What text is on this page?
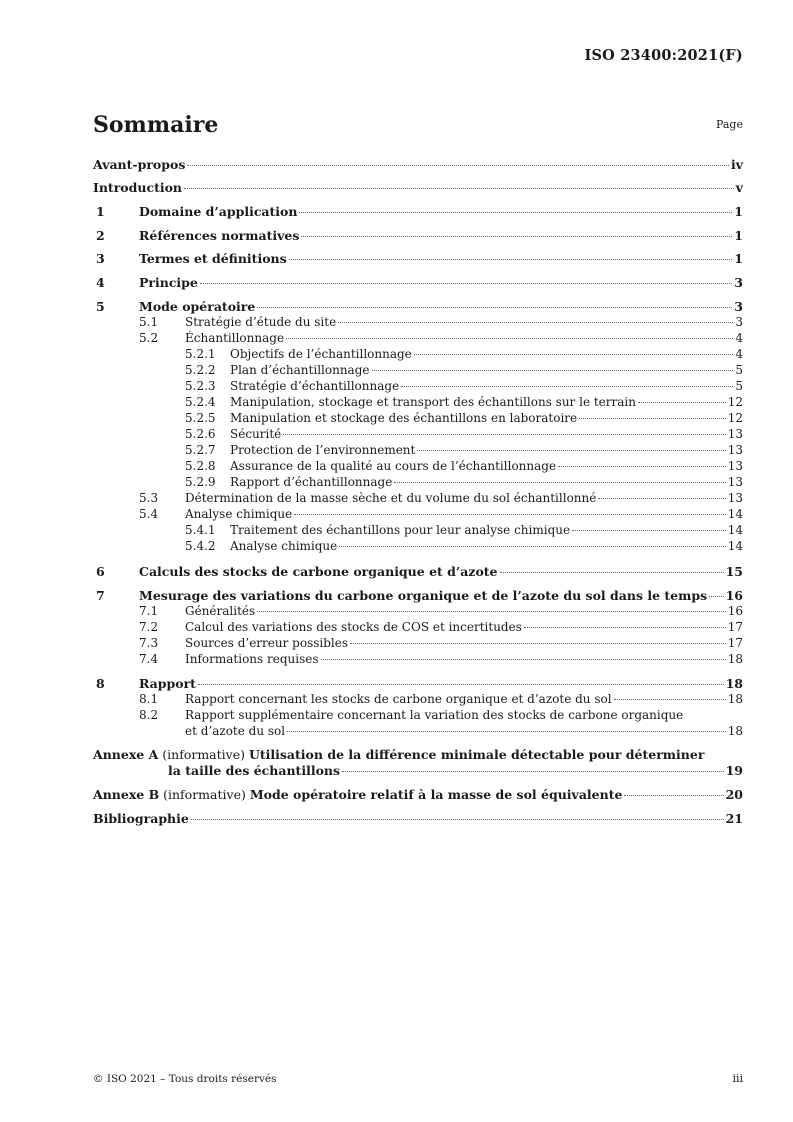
ISO 23400:2021(F)
Sommaire	Page
Avant-propos	iv
Introduction	v
1	Domaine d’application	1
2	Références normatives	1
3	Termes et définitions	1
4	Principe	3
5	Mode opératoire	3
5.1 Stratégie d’étude du site	3
5.2 Échantillonnage	4
5.2.1 Objectifs de l’échantillonnage	4
5.2.2 Plan d’échantillonnage	5
5.2.3 Stratégie d’échantillonnage	5
5.2.4 Manipulation, stockage et transport des échantillons sur le terrain	12
5.2.5 Manipulation et stockage des échantillons en laboratoire	12
5.2.6 Sécurité	13
5.2.7 Protection de l’environnement	13
5.2.8 Assurance de la qualité au cours de l’échantillonnage	13
5.2.9 Rapport d’échantillonnage	13
5.3 Détermination de la masse sèche et du volume du sol échantillonné	13
5.4 Analyse chimique	14
5.4.1 Traitement des échantillons pour leur analyse chimique	14
5.4.2 Analyse chimique	14
6	Calculs des stocks de carbone organique et d’azote	15
7	Mesurage des variations du carbone organique et de l’azote du sol dans le temps 16
7.1 Généralités	16
7.2 Calcul des variations des stocks de COS et incertitudes	17
7.3 Sources d’erreur possibles	17
7.4 Informations requises	18
8	Rapport	18
8.1 Rapport concernant les stocks de carbone organique et d’azote du sol	18
8.2 Rapport supplémentaire concernant la variation des stocks de carbone organique
et d’azote du sol	18
Annexe A (informative) Utilisation de la différence minimale détectable pour déterminer
la taille des échantillons	19
Annexe B (informative) Mode opératoire relatif à la masse de sol équivalente	20
Bibliographie	21
© ISO 2021 – Tous droits réservés	iii
